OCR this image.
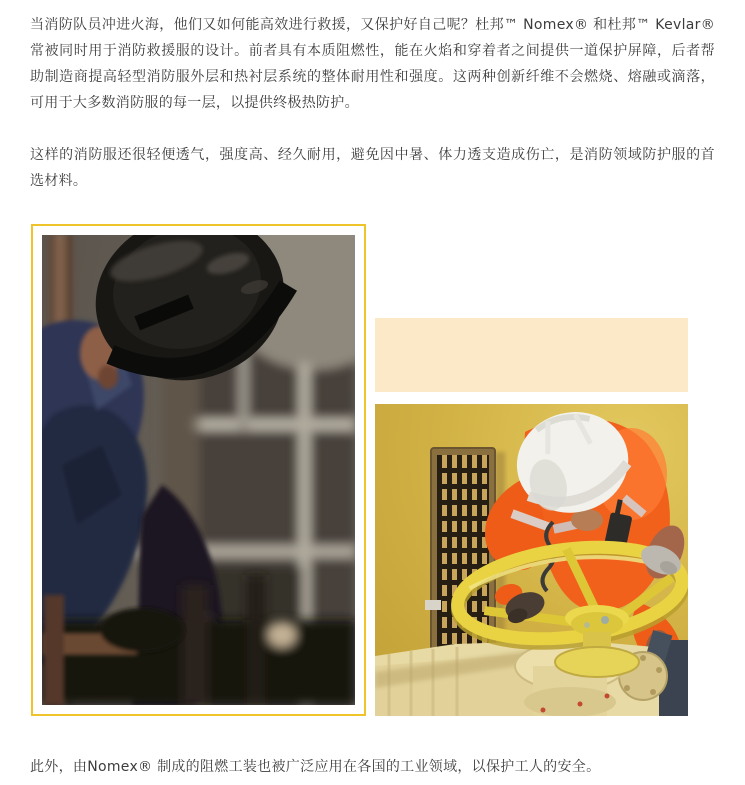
当消防队员冲进火海，他们又如何能高效进行救援，又保护好自己呢？杜邦™ Nomex® 和杜邦™ Kevlar® 常被同时用于消防救援服的设计。前者具有本质阻燃性，能在火焰和穿着者之间提供一道保护屏障，后者帮助制造商提高轻型消防服外层和热衬层系统的整体耐用性和强度。这两种创新纤维不会燃烧、熔融或滴落，可用于大多数消防服的每一层，以提供终极热防护。

这样的消防服还很轻便透气，强度高、经久耐用，避免因中暑、体力透支造成伤亡，是消防领域防护服的首选材料。

此外，由Nomex® 制成的阻燃工装也被广泛应用在各国的工业领域，以保护工人的安全。
